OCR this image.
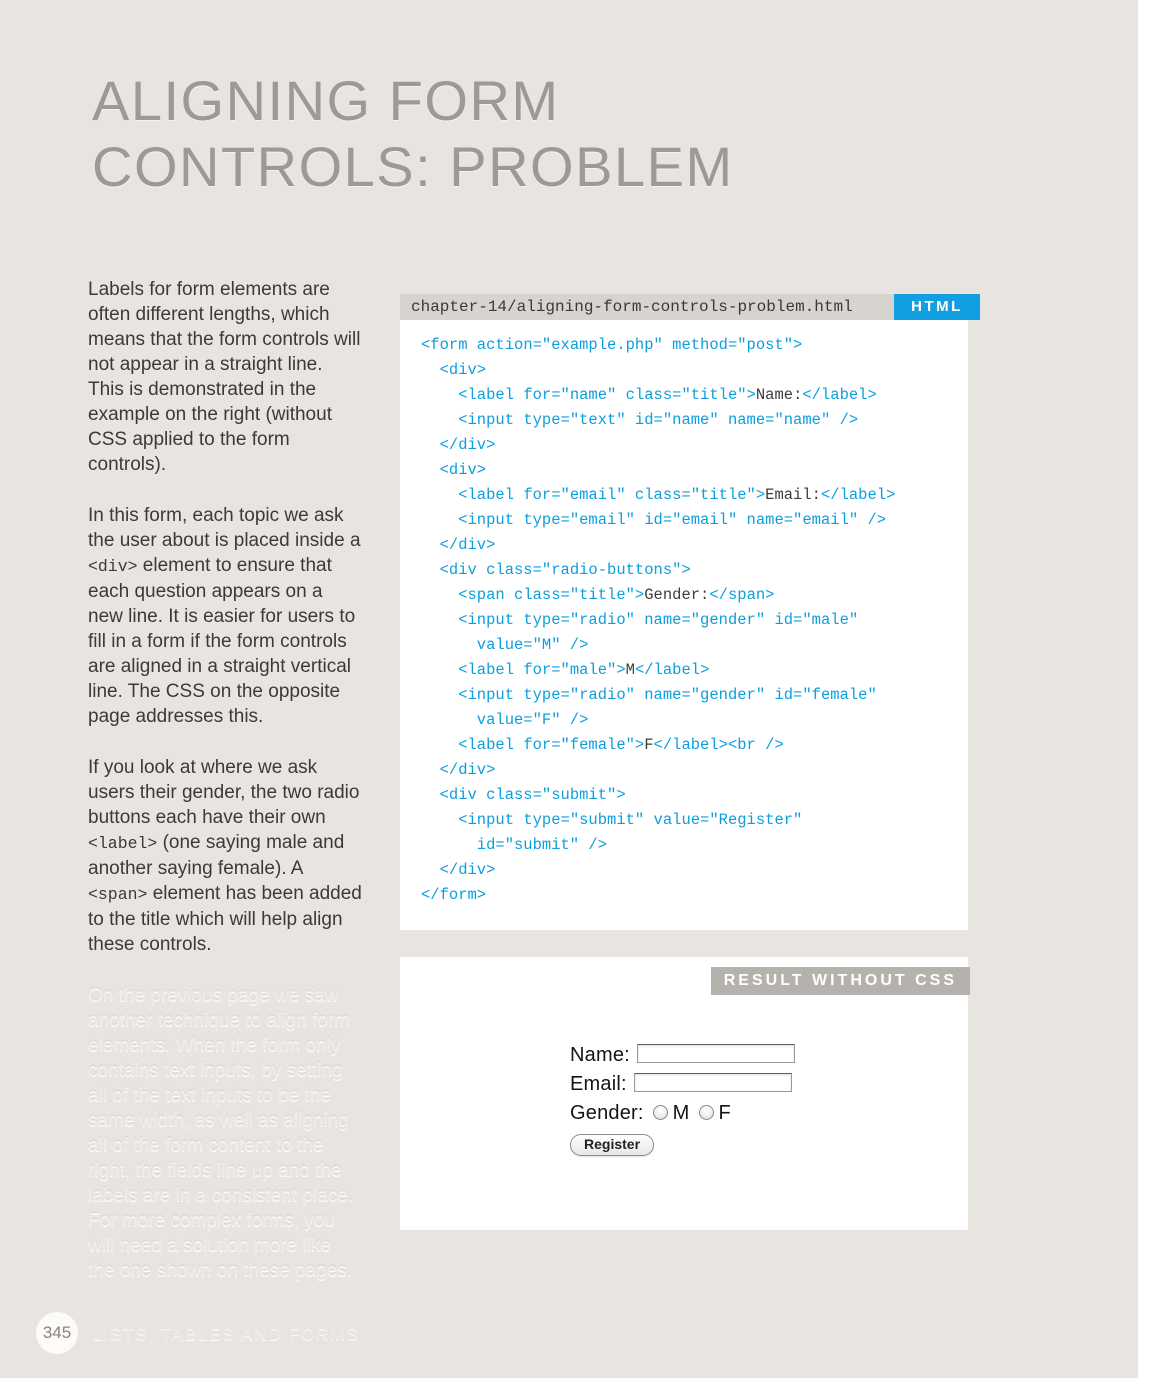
ALIGNING FORM
CONTROLS: PROBLEM

Labels for form elements are often different lengths, which means that the form controls will not appear in a straight line. This is demonstrated in the example on the right (without CSS applied to the form controls).

In this form, each topic we ask the user about is placed inside a <div> element to ensure that each question appears on a new line. It is easier for users to fill in a form if the form controls are aligned in a straight vertical line. The CSS on the opposite page addresses this.

If you look at where we ask users their gender, the two radio buttons each have their own <label> (one saying male and another saying female). A <span> element has been added to the title which will help align these controls.

On the previous page we saw another technique to align form elements. When the form only contains text inputs, by setting all of the text inputs to be the same width, as well as aligning all of the form content to the right, the fields line up and the labels are in a consistent place. For more complex forms, you will need a solution more like the one shown on these pages.

chapter-14/aligning-form-controls-problem.html	HTML
<form action="example.php" method="post">
<div>
<label for="name" class="title">Name:</label>
<input type="text" id="name" name="name" />
</div>
<div>
<label for="email" class="title">Email:</label>
<input type="email" id="email" name="email" />
</div>
<div class="radio-buttons">
<span class="title">Gender:</span>
<input type="radio" name="gender" id="male"
value="M" />
<label for="male">M</label>
<input type="radio" name="gender" id="female"
value="F" />
<label for="female">F</label><br />
</div>
<div class="submit">
<input type="submit" value="Register"
id="submit" />
</div>
</form>
RESULT WITHOUT CSS
Name:
Email:
Gender: M F
Register
345	LISTS, TABLES AND FORMS
